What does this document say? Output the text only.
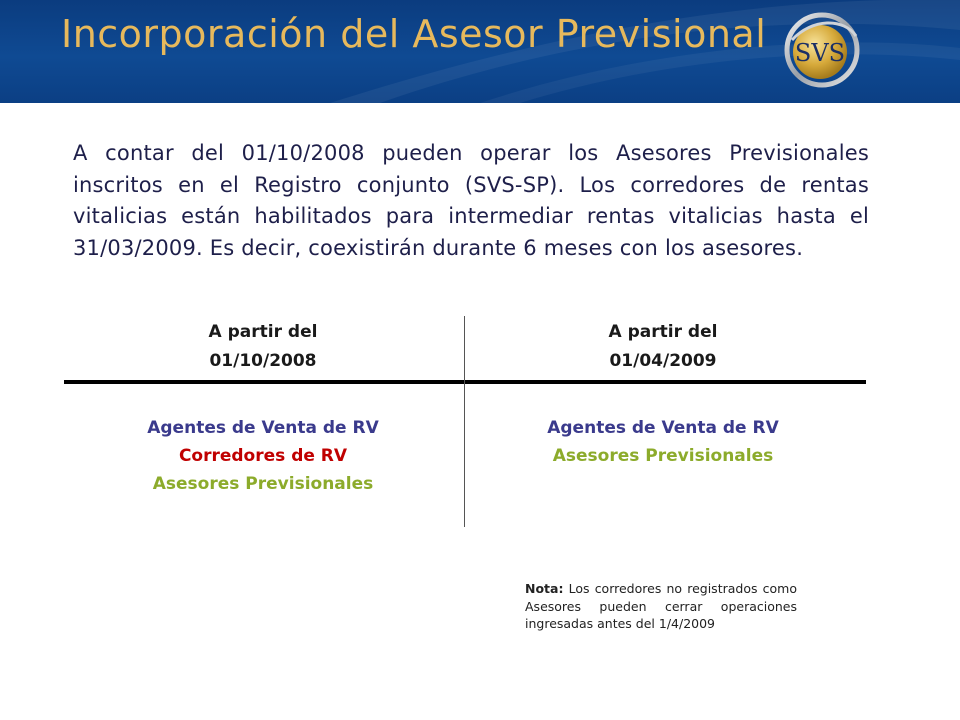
Incorporación del Asesor Previsional SVS
A contar del 01/10/2008 pueden operar los Asesores Previsionales inscritos en el Registro conjunto (SVS-SP). Los corredores de rentas vitalicias están habilitados para intermediar rentas vitalicias hasta el 31/03/2009. Es decir, coexistirán durante 6 meses con los asesores.
A partir del
01/10/2008
A partir del
01/04/2009
Agentes de Venta de RV
Corredores de RV
Asesores Previsionales
Agentes de Venta de RV
Asesores Previsionales
Nota: Los corredores no registrados como Asesores pueden cerrar operaciones ingresadas antes del 1/4/2009
